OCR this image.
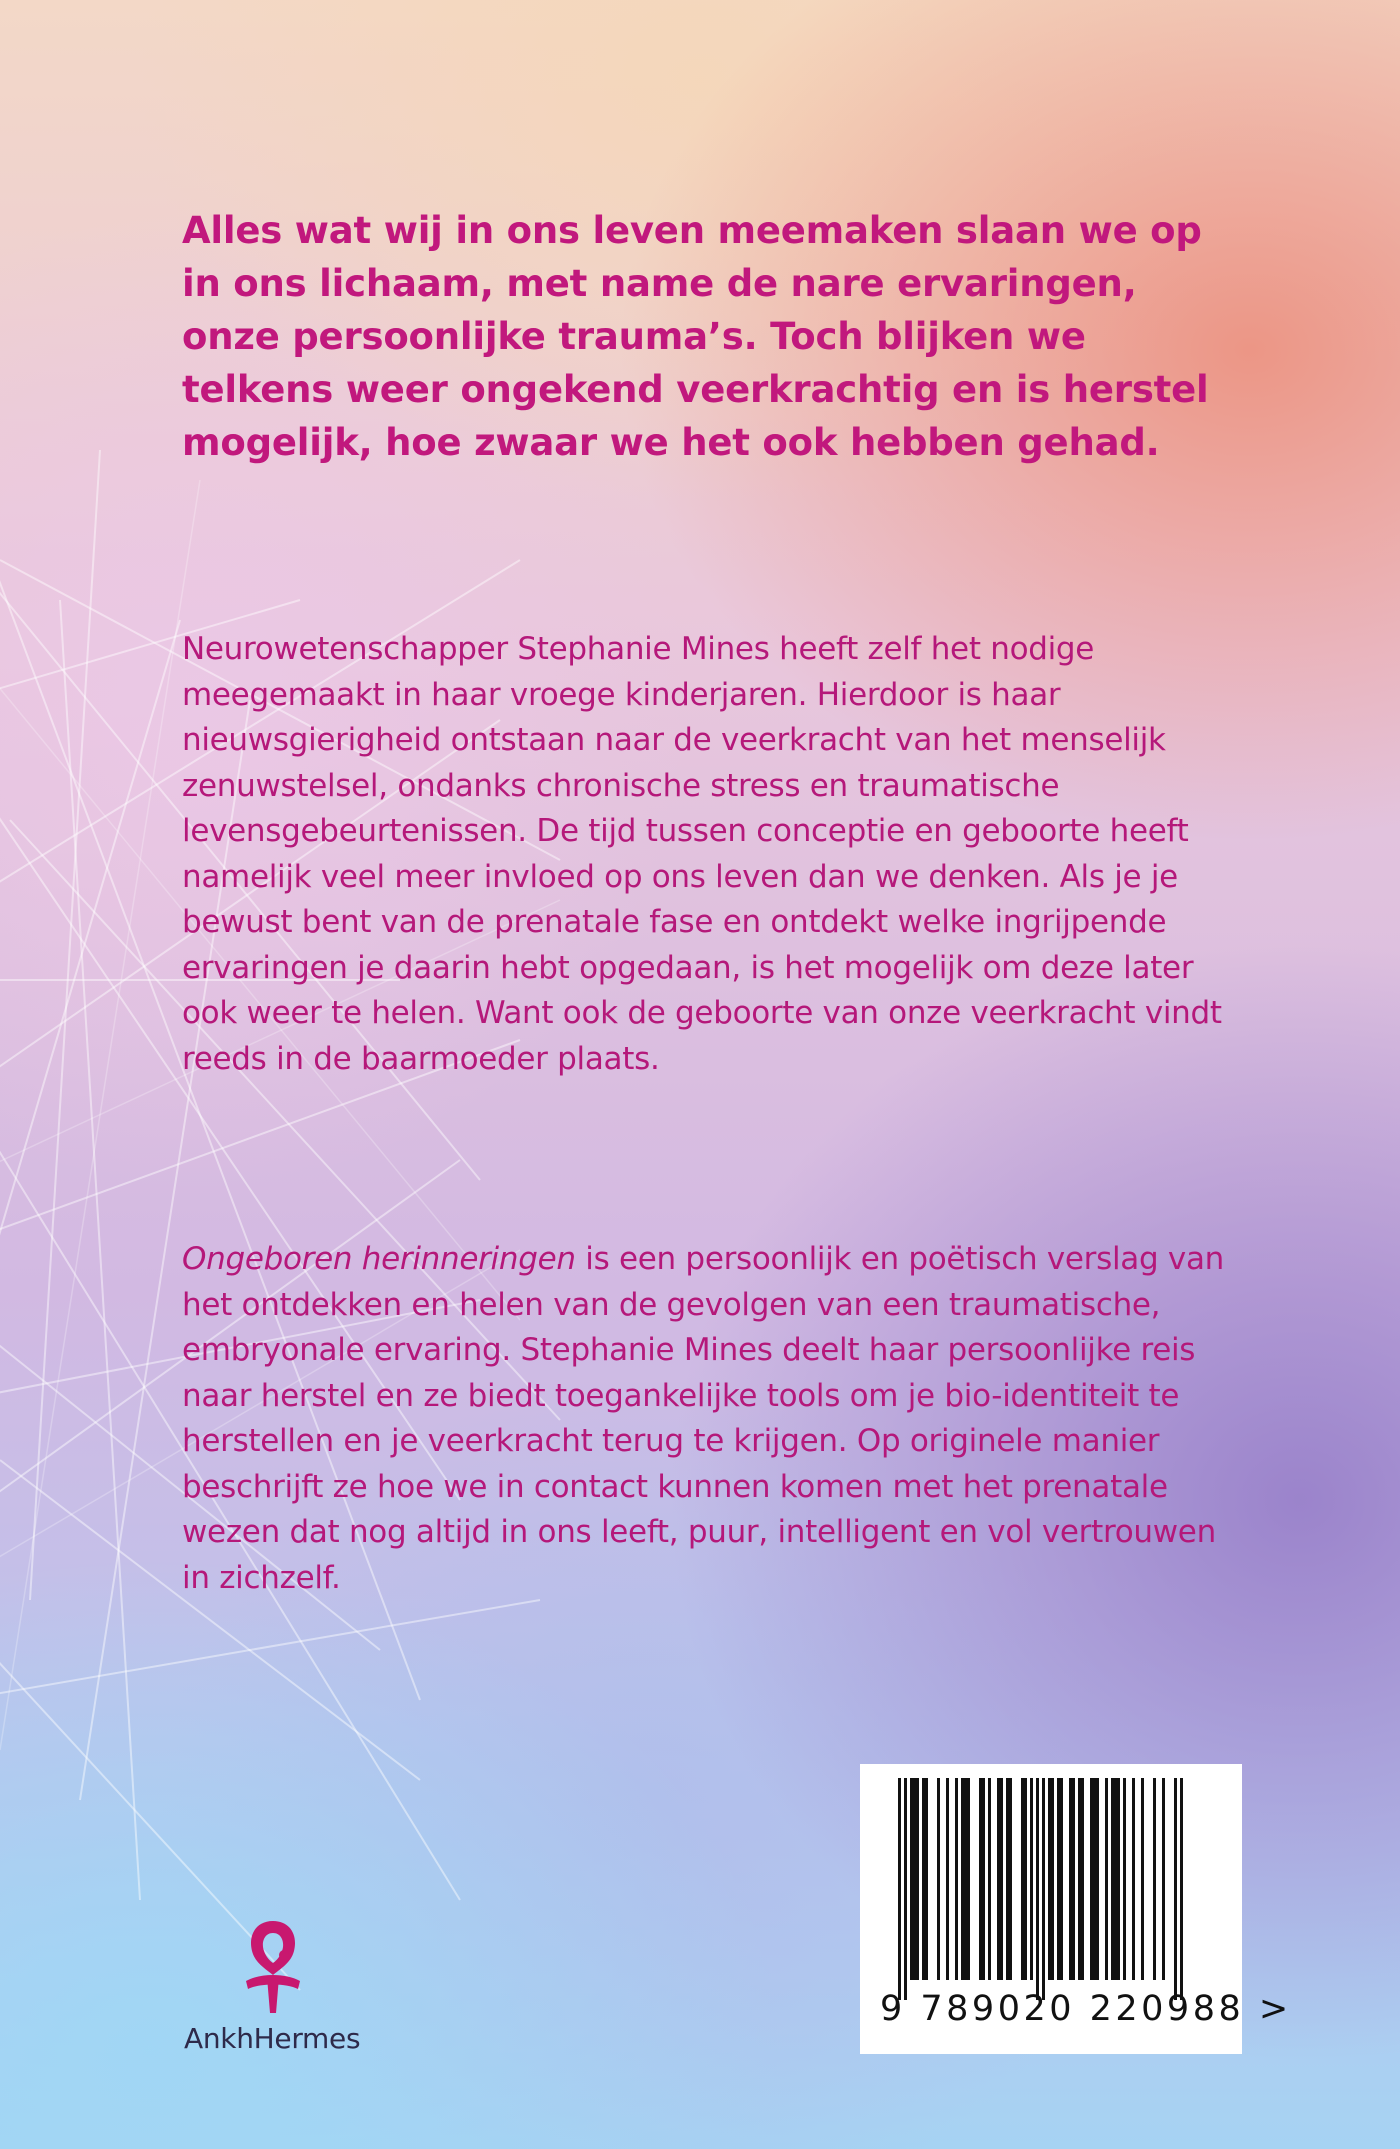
Alles wat wij in ons leven meemaken slaan we op in ons lichaam, met name de nare ervaringen, onze persoonlijke trauma’s. Toch blijken we telkens weer ongekend veerkrachtig en is herstel mogelijk, hoe zwaar we het ook hebben gehad.

Neurowetenschapper Stephanie Mines heeft zelf het nodige meegemaakt in haar vroege kinderjaren. Hierdoor is haar nieuwsgierigheid ontstaan naar de veerkracht van het menselijk zenuwstelsel, ondanks chronische stress en traumatische levensgebeurtenissen. De tijd tussen conceptie en geboorte heeft namelijk veel meer invloed op ons leven dan we denken. Als je je bewust bent van de prenatale fase en ontdekt welke ingrijpende ervaringen je daarin hebt opgedaan, is het mogelijk om deze later ook weer te helen. Want ook de geboorte van onze veerkracht vindt reeds in de baarmoeder plaats.

Ongeboren herinneringen is een persoonlijk en poëtisch verslag van het ontdekken en helen van de gevolgen van een traumatische, embryonale ervaring. Stephanie Mines deelt haar persoonlijke reis naar herstel en ze biedt toegankelijke tools om je bio-identiteit te herstellen en je veerkracht terug te krijgen. Op originele manier beschrijft ze hoe we in contact kunnen komen met het prenatale wezen dat nog altijd in ons leeft, puur, intelligent en vol vertrouwen in zichzelf.

9 789020 220988 >
AnkhHermes
